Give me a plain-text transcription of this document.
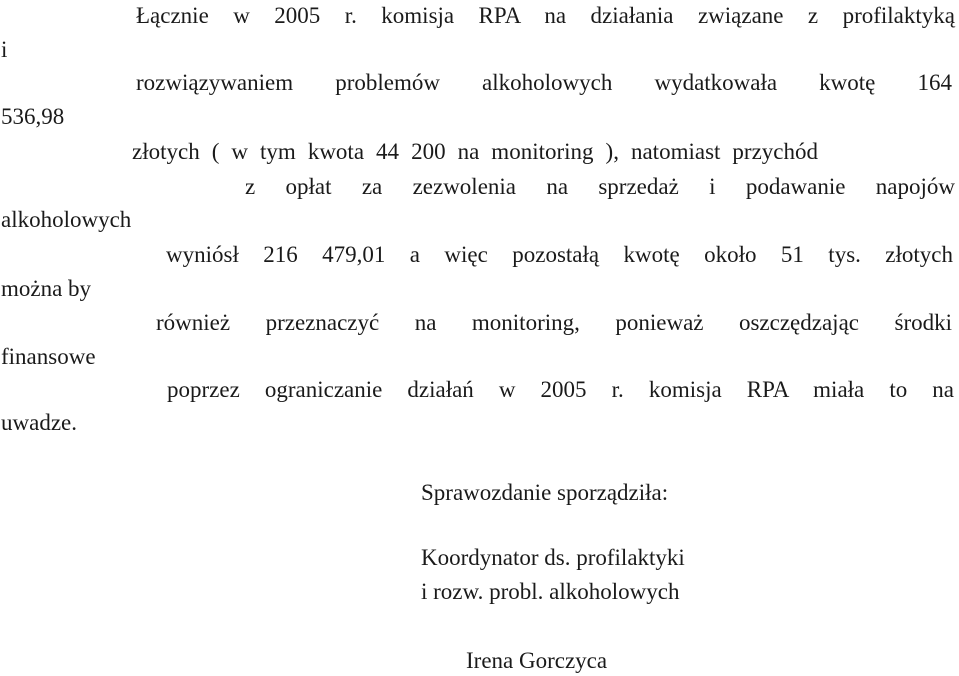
Łącznie w 2005 r. komisja RPA na działania związane z profilaktyką
i
rozwiązywaniem problemów alkoholowych wydatkowała kwotę 164
536,98
złotych ( w tym kwota 44 200 na monitoring ), natomiast przychód
z opłat za zezwolenia na sprzedaż i podawanie napojów
alkoholowych
wyniósł 216 479,01 a więc pozostałą kwotę około 51 tys. złotych
można by
również przeznaczyć na monitoring, ponieważ oszczędzając środki
finansowe
poprzez ograniczanie działań w 2005 r. komisja RPA miała to na
uwadze.
Sprawozdanie sporządziła:
Koordynator ds. profilaktyki
i rozw. probl. alkoholowych
Irena Gorczyca
